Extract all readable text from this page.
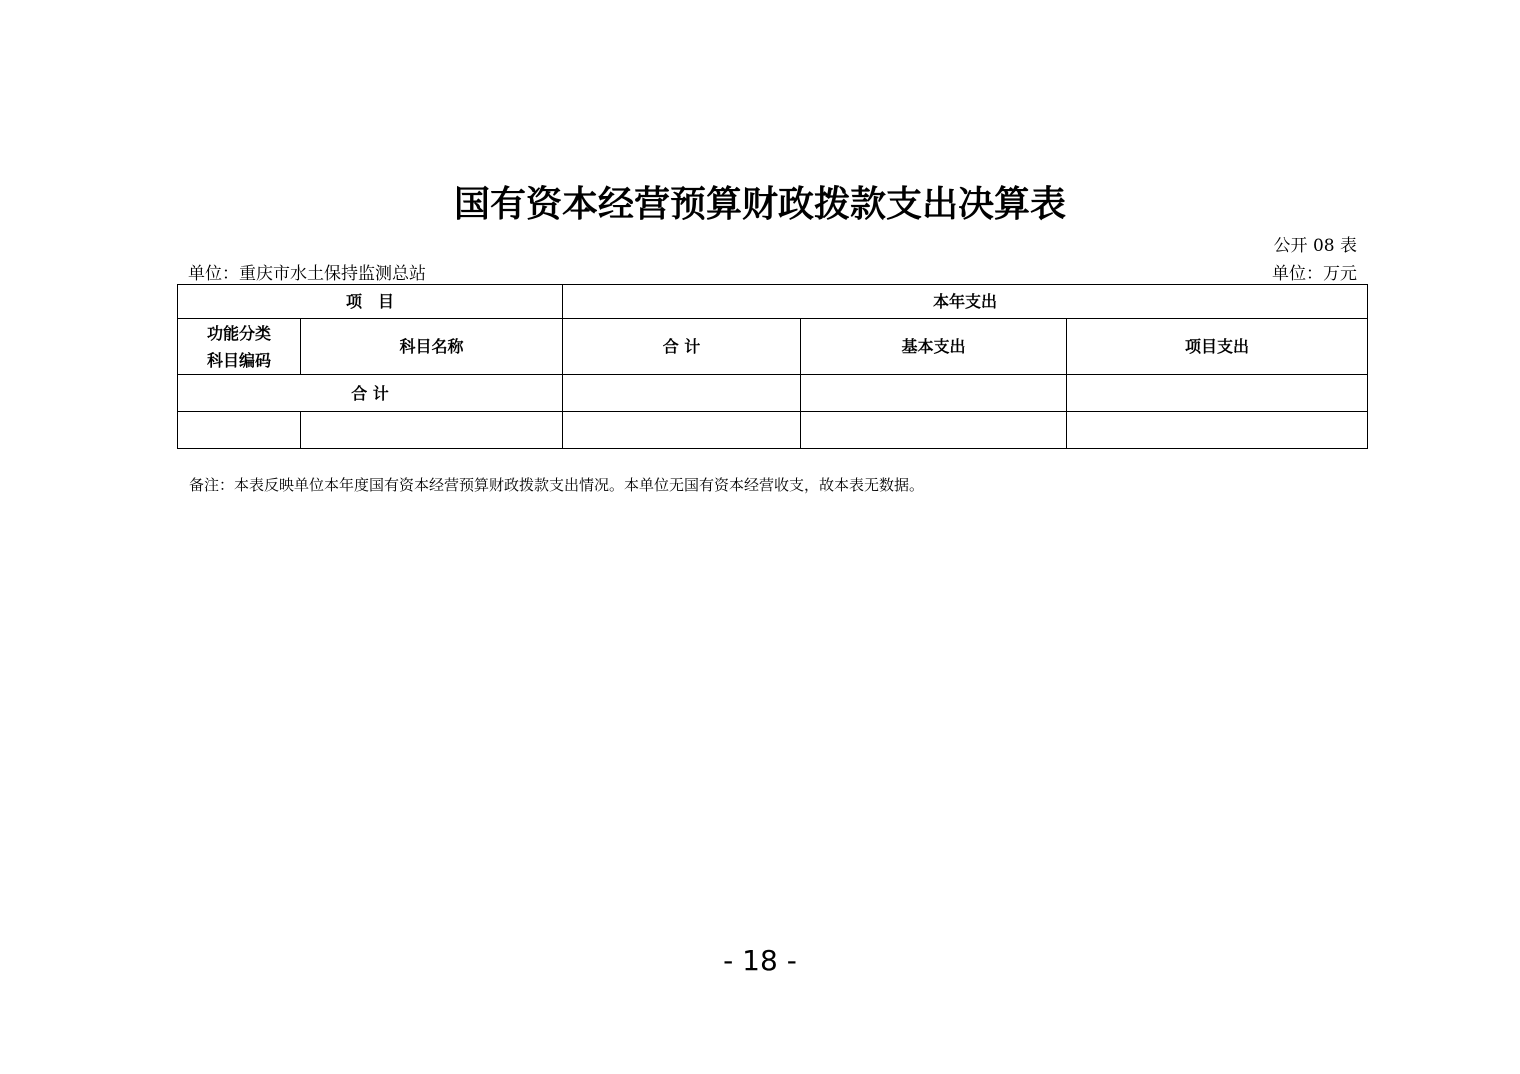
国有资本经营预算财政拨款支出决算表
公开 08 表
单位：重庆市水土保持监测总站	单位：万元
项　目		本年支出		

功能分类
科目编码	科目名称	合 计	基本支出	项目支出
合 计				

备注：本表反映单位本年度国有资本经营预算财政拨款支出情况。本单位无国有资本经营收支，故本表无数据。
- 18 -
